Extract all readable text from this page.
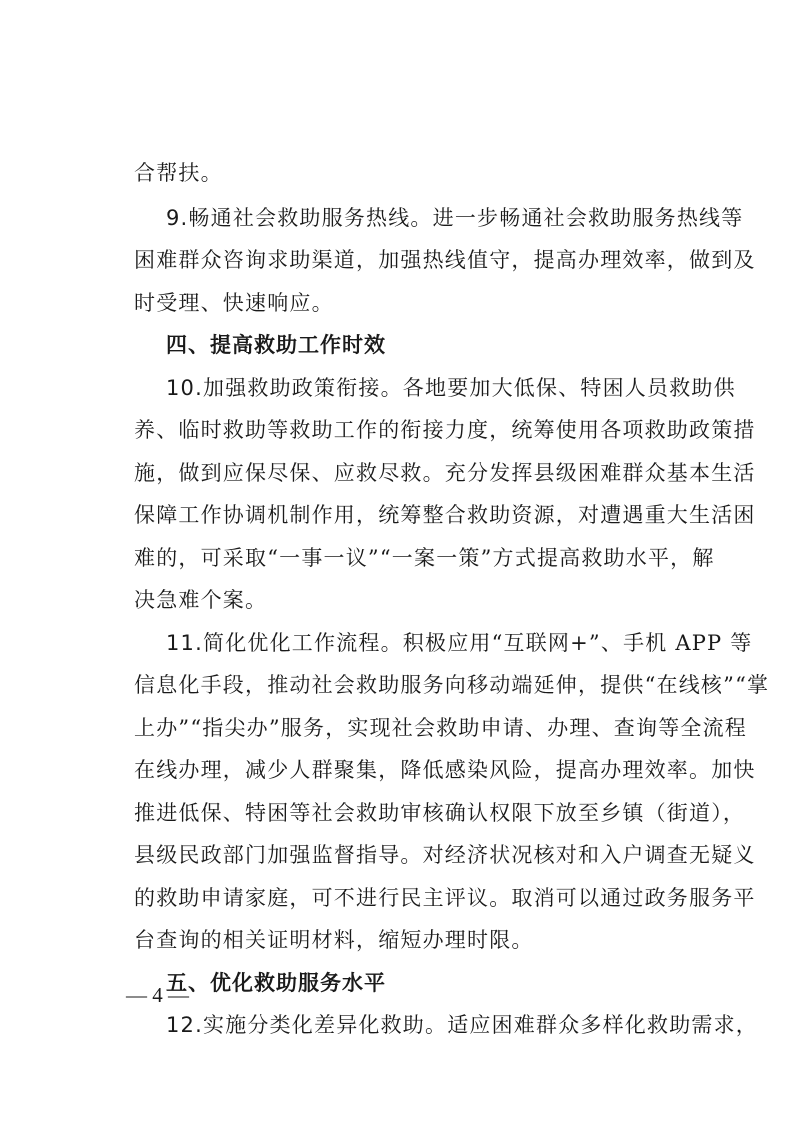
合帮扶。
9.畅通社会救助服务热线。进一步畅通社会救助服务热线等
困难群众咨询求助渠道，加强热线值守，提高办理效率，做到及
时受理、快速响应。
四、提高救助工作时效
10.加强救助政策衔接。各地要加大低保、特困人员救助供
养、临时救助等救助工作的衔接力度，统筹使用各项救助政策措
施，做到应保尽保、应救尽救。充分发挥县级困难群众基本生活
保障工作协调机制作用，统筹整合救助资源，对遭遇重大生活困
难的，可采取“一事一议”“一案一策”方式提高救助水平，解
决急难个案。
11.简化优化工作流程。积极应用“互联网+”、手机 APP 等
信息化手段，推动社会救助服务向移动端延伸，提供“在线核”“掌
上办”“指尖办”服务，实现社会救助申请、办理、查询等全流程
在线办理，减少人群聚集，降低感染风险，提高办理效率。加快
推进低保、特困等社会救助审核确认权限下放至乡镇（街道），
县级民政部门加强监督指导。对经济状况核对和入户调查无疑义
的救助申请家庭，可不进行民主评议。取消可以通过政务服务平
台查询的相关证明材料，缩短办理时限。
五、优化救助服务水平
12.实施分类化差异化救助。适应困难群众多样化救助需求，
— 4 —
